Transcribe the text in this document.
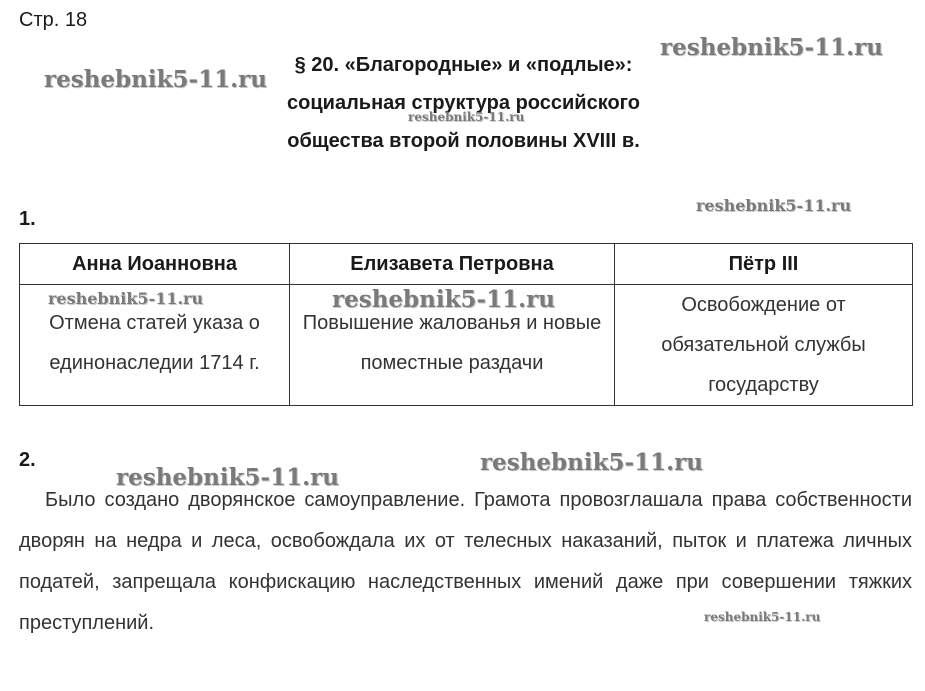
Стр. 18
§ 20. «Благородные» и «подлые»:
социальная структура российского
общества второй половины XVIII в.
1.
Анна Иоанновна	Елизавета Петровна	Пётр III
Отмена статей указа о единонаследии 1714 г.	Повышение жалованья и новые поместные раздачи	Освобождение от обязательной службы государству
2.
Было создано дворянское самоуправление. Грамота провозглашала права собственности дворян на недра и леса, освобождала их от телесных наказаний, пыток и платежа личных податей, запрещала конфискацию наследственных имений даже при совершении тяжких преступлений.
reshebnik5-11.ru
reshebnik5-11.ru
reshebnik5-11.ru
reshebnik5-11.ru
reshebnik5-11.ru	reshebnik5-11.ru
reshebnik5-11.ru
reshebnik5-11.ru
reshebnik5-11.ru
